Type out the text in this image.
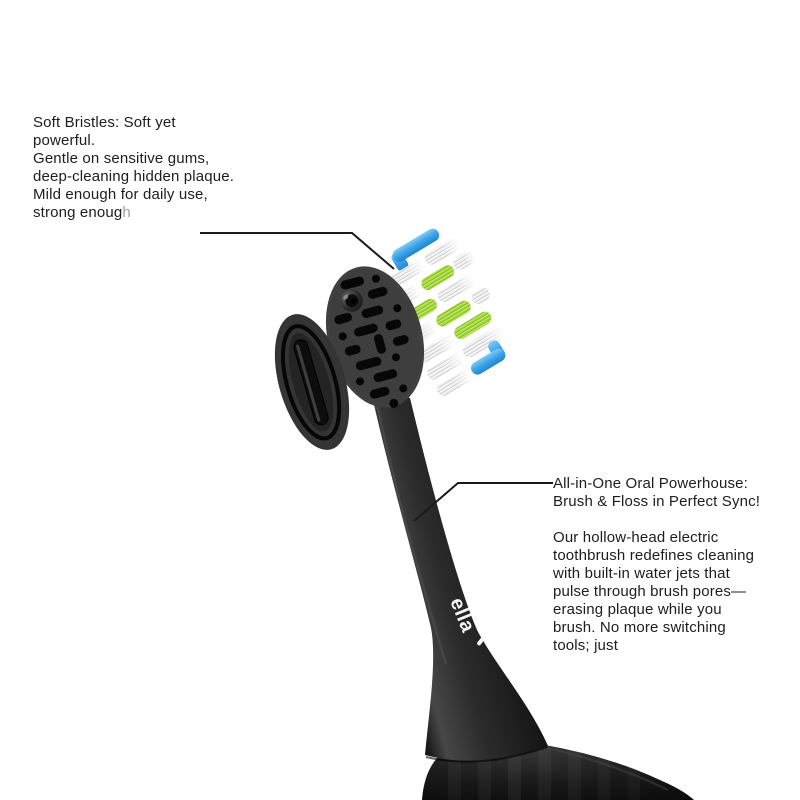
ella

Soft Bristles: Soft yet

powerful.

Gentle on sensitive gums,

deep-cleaning hidden plaque.

Mild enough for daily use,

strong enough

All-in-One Oral Powerhouse:

Brush & Floss in Perfect Sync!

Our hollow-head electric

toothbrush redefines cleaning

with built-in water jets that

pulse through brush pores—

erasing plaque while you

brush. No more switching

tools; just
